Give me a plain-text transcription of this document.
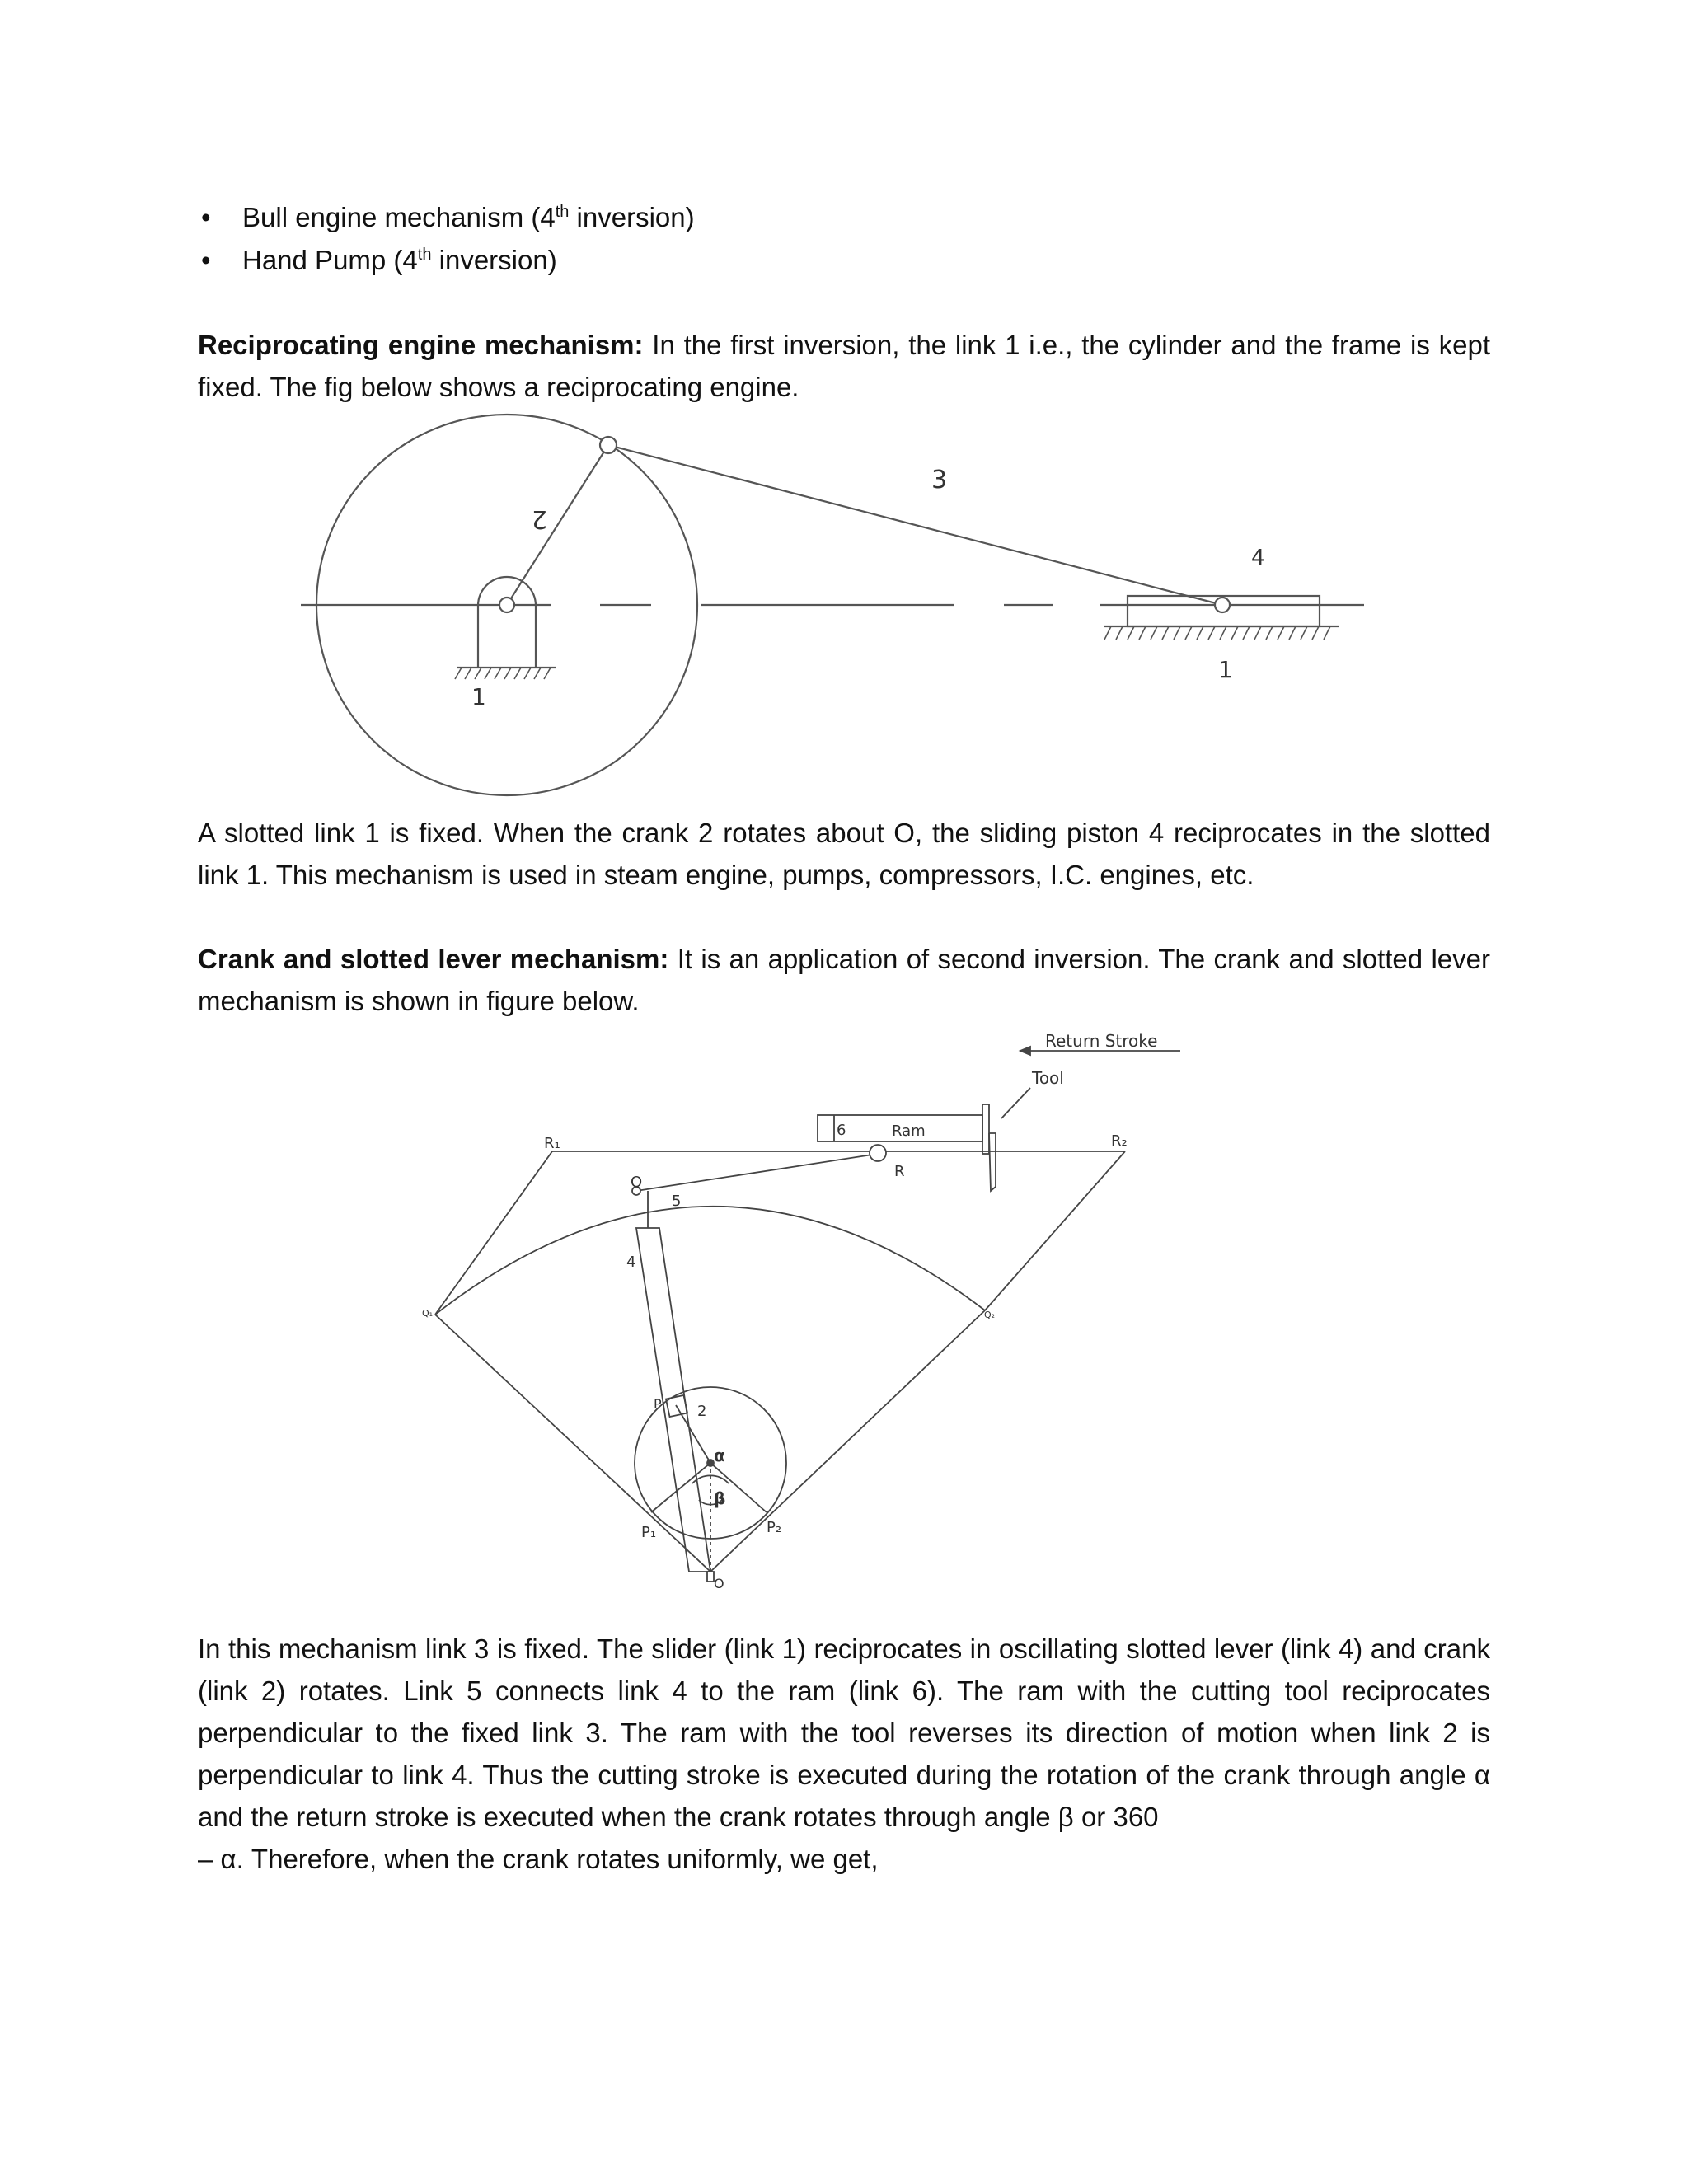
• Bull engine mechanism (4th inversion)
• Hand Pump (4th inversion)
Reciprocating engine mechanism: In the first inversion, the link 1 i.e., the cylinder and the frame is kept fixed. The fig below shows a reciprocating engine.
2
3
4
1
1
A slotted link 1 is fixed. When the crank 2 rotates about O, the sliding piston 4 reciprocates in the slotted link 1. This mechanism is used in steam engine, pumps, compressors, I.C. engines, etc.
Crank and slotted lever mechanism: It is an application of second inversion. The crank and slotted lever mechanism is shown in figure below.
Return Stroke
Tool
6	Ram
R₁	R₂
R
Q
5
4
2
P
P₁	P₂
Q₁	Q₂
α
β
O
In this mechanism link 3 is fixed. The slider (link 1) reciprocates in oscillating slotted lever (link 4) and crank (link 2) rotates. Link 5 connects link 4 to the ram (link 6). The ram with the cutting tool reciprocates perpendicular to the fixed link 3. The ram with the tool reverses its direction of motion when link 2 is perpendicular to link 4. Thus the cutting stroke is executed during the rotation of the crank through angle α and the return stroke is executed when the crank rotates through angle β or 360
– α. Therefore, when the crank rotates uniformly, we get,
